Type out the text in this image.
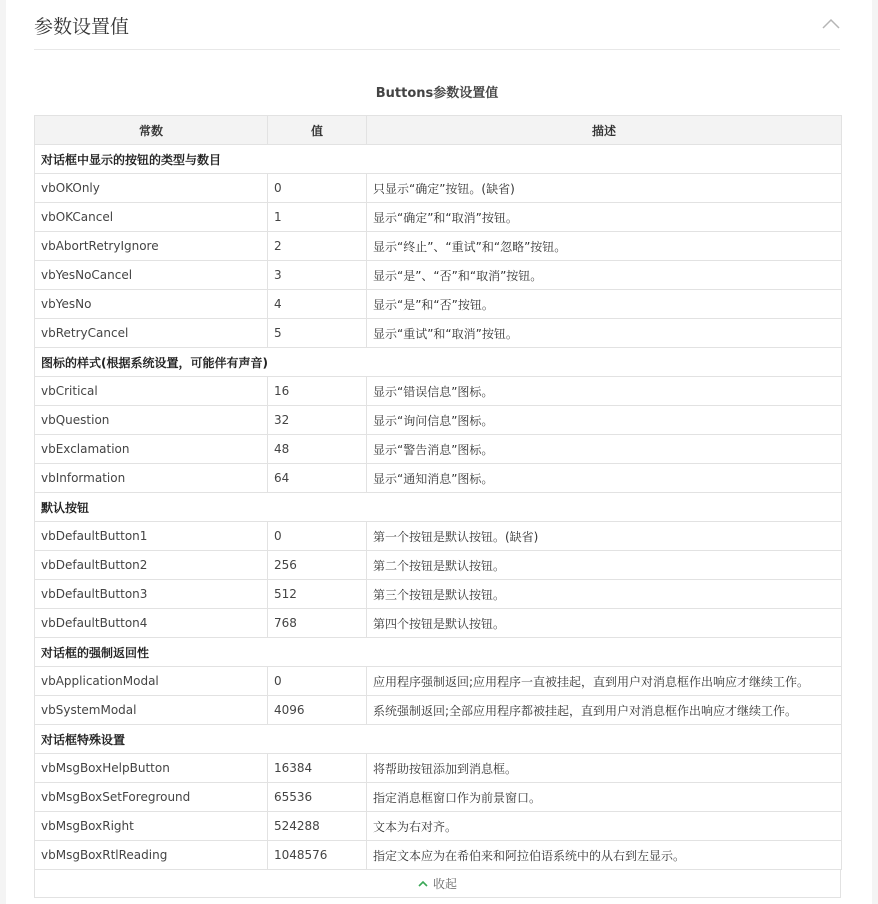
参数设置值
Buttons参数设置值
常数	值	描述
对话框中显示的按钮的类型与数目		
vbOKOnly	0	只显示“确定”按钮。(缺省)
vbOKCancel	1	显示“确定”和“取消”按钮。
vbAbortRetryIgnore	2	显示“终止”、“重试”和“忽略”按钮。
vbYesNoCancel	3	显示“是”、“否”和“取消”按钮。
vbYesNo	4	显示“是”和“否”按钮。
vbRetryCancel	5	显示“重试”和“取消”按钮。
图标的样式(根据系统设置，可能伴有声音)		
vbCritical	16	显示“错误信息”图标。
vbQuestion	32	显示“询问信息”图标。
vbExclamation	48	显示“警告消息”图标。
vbInformation	64	显示“通知消息”图标。
默认按钮		
vbDefaultButton1	0	第一个按钮是默认按钮。(缺省)
vbDefaultButton2	256	第二个按钮是默认按钮。
vbDefaultButton3	512	第三个按钮是默认按钮。
vbDefaultButton4	768	第四个按钮是默认按钮。
对话框的强制返回性		
vbApplicationModal	0	应用程序强制返回;应用程序一直被挂起，直到用户对消息框作出响应才继续工作。
vbSystemModal	4096	系统强制返回;全部应用程序都被挂起，直到用户对消息框作出响应才继续工作。
对话框特殊设置		
vbMsgBoxHelpButton	16384	将帮助按钮添加到消息框。
vbMsgBoxSetForeground	65536	指定消息框窗口作为前景窗口。
vbMsgBoxRight	524288	文本为右对齐。
vbMsgBoxRtlReading	1048576	指定文本应为在希伯来和阿拉伯语系统中的从右到左显示。
收起
